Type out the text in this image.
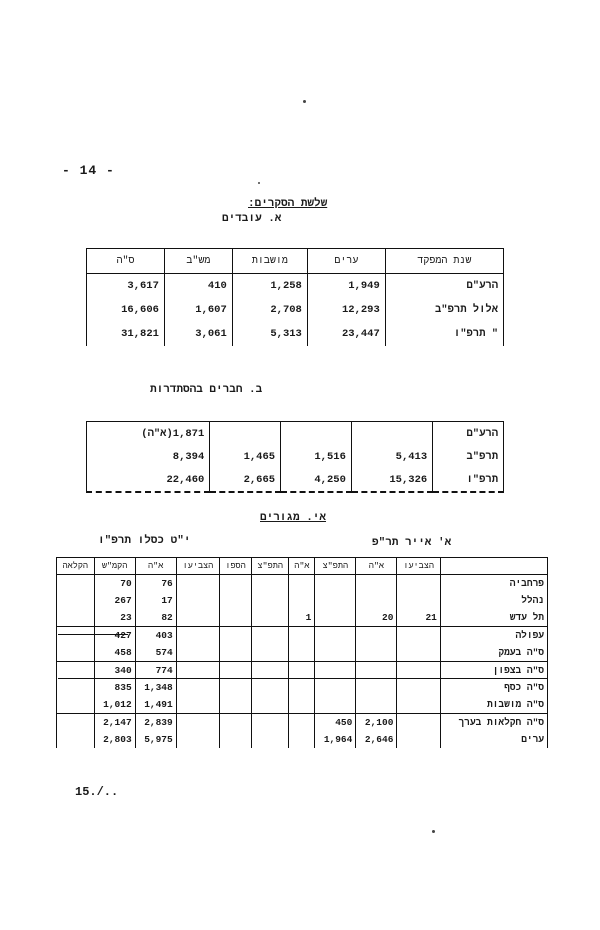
- 14 -
שלשת הסקרים:
א. עובדים
ס"ה	מש"ב	מושבות	ערים	שנת המפקד
3,617	410	1,258	1,949	הרע"ם
16,606	1,607	2,708	12,293	אלול תרפ"ב
31,821	3,061	5,313	23,447	" תרפ"ו
ב. חברים בהסתדרות
(א"ה)1,871				הרע"ם
8,394	1,465	1,516	5,413	תרפ"ב
22,460	2,665	4,250	15,326	תרפ"ו
אי. מגורים
י"ט כסלו תרפ"ו	א' אייר תר"פ
הקלאה	הקמ"ש	א"ה	הצביעו	הספו	התפ"צ	א"ה	התפ"צ	א"ה	הצביעו	
	70	76								פרחביה
	267	17								נהלל
	23	82				1		20	21	תל עדש
	427	403								עפולה
	458	574								ס"ה בעמק
	340	774								ס"ה בצפון
	835	1,348								ס"ה כסף
	1,012	1,491								ס"ה מושבות
	2,147	2,839					450	2,100		ס"ה חקלאות בערך
	2,803	5,975					1,964	2,646		ערים
15./..
